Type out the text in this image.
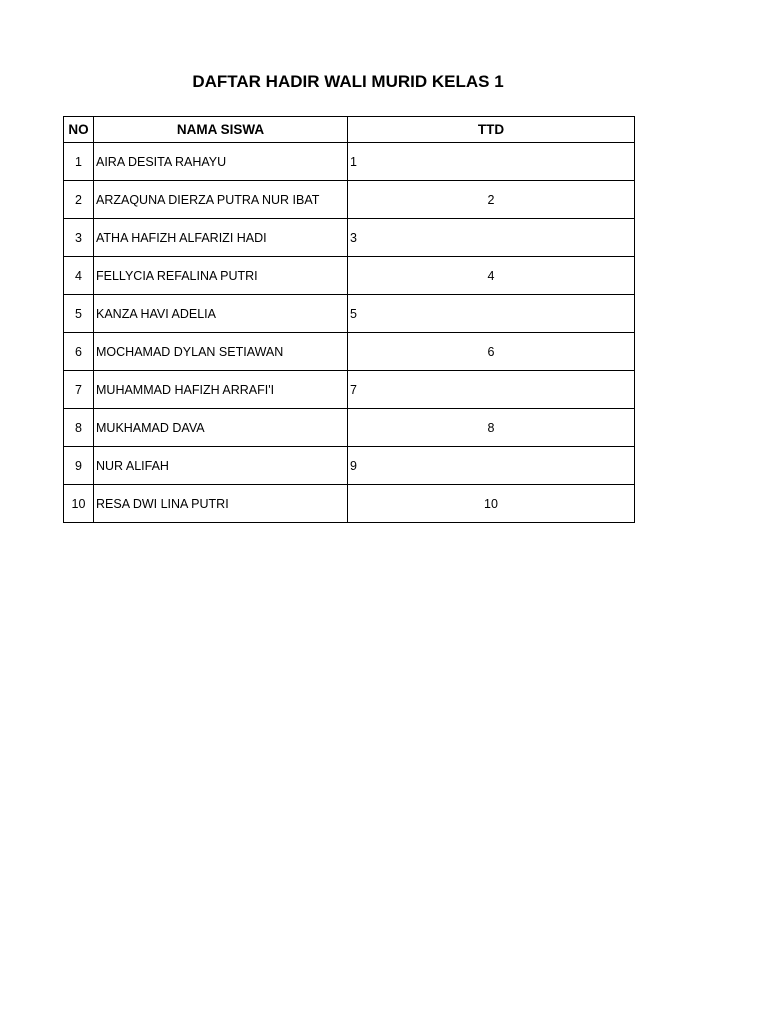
DAFTAR HADIR WALI MURID KELAS 1
NO	NAMA SISWA	TTD
1	AIRA DESITA RAHAYU	1
2	ARZAQUNA DIERZA PUTRA NUR IBAT	2
3	ATHA HAFIZH ALFARIZI HADI	3
4	FELLYCIA REFALINA PUTRI	4
5	KANZA HAVI ADELIA	5
6	MOCHAMAD DYLAN SETIAWAN	6
7	MUHAMMAD HAFIZH ARRAFI'I	7
8	MUKHAMAD DAVA	8
9	NUR ALIFAH	9
10	RESA DWI LINA PUTRI	10
